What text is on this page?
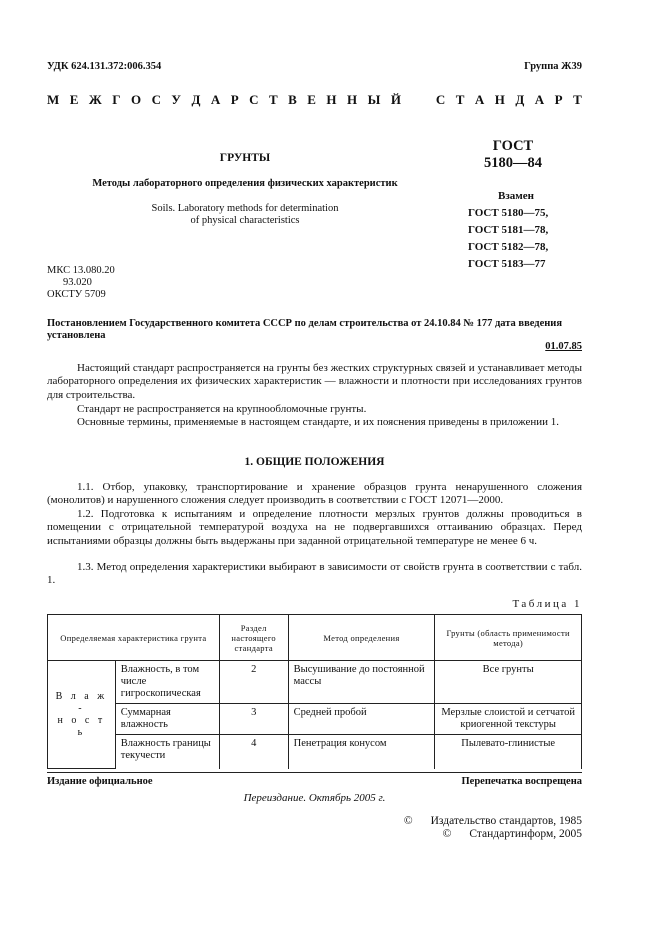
УДК 624.131.372:006.354	Группа Ж39
М Е Ж Г О С У Д А Р С Т В Е Н Н Ы Й	С Т А Н Д А Р Т
ГРУНТЫ
Методы лабораторного определения физических характеристик
Soils. Laboratory methods for determination
of physical characteristics
ГОСТ
5180—84
Взамен
ГОСТ 5180—75,
ГОСТ 5181—78,
ГОСТ 5182—78,
ГОСТ 5183—77
МКС 13.080.20
93.020
ОКСТУ 5709
Постановлением Государственного комитета СССР по делам строительства от 24.10.84 № 177 дата введения установлена
01.07.85
Настоящий стандарт распространяется на грунты без жестких структурных связей и устанавливает методы лабораторного определения их физических характеристик — влажности и плотности при исследованиях грунтов для строительства.
Стандарт не распространяется на крупнообломочные грунты.
Основные термины, применяемые в настоящем стандарте, и их пояснения приведены в приложении 1.
1. ОБЩИЕ ПОЛОЖЕНИЯ
1.1. Отбор, упаковку, транспортирование и хранение образцов грунта ненарушенного сложения (монолитов) и нарушенного сложения следует производить в соответствии с ГОСТ 12071—2000.
1.2. Подготовка к испытаниям и определение плотности мерзлых грунтов должны проводиться в помещении с отрицательной температурой воздуха на не подвергавшихся оттаиванию образцах. Перед испытаниями образцы должны быть выдержаны при заданной отрицательной температуре не менее 6 ч.
1.3. Метод определения характеристики выбирают в зависимости от свойств грунта в соответствии с табл. 1.
Таблица 1
Определяемая характеристика грунта		Раздел настоящего стандарта	Метод определения	Грунты (область применимости метода)

В л а ж -
н о с т ь	Влажность, в том числе гигроскопическая	2	Высушивание до постоянной массы	Все грунты
	Суммарная влажность	3	Средней пробой	Мерзлые слоистой и сетчатой криогенной текстуры
	Влажность границы текучести	4	Пенетрация конусом	Пылевато-глинистые
Издание официальное	Перепечатка воспрещена
Переиздание. Октябрь 2005 г.
© Издательство стандартов, 1985
© Стандартинформ, 2005
